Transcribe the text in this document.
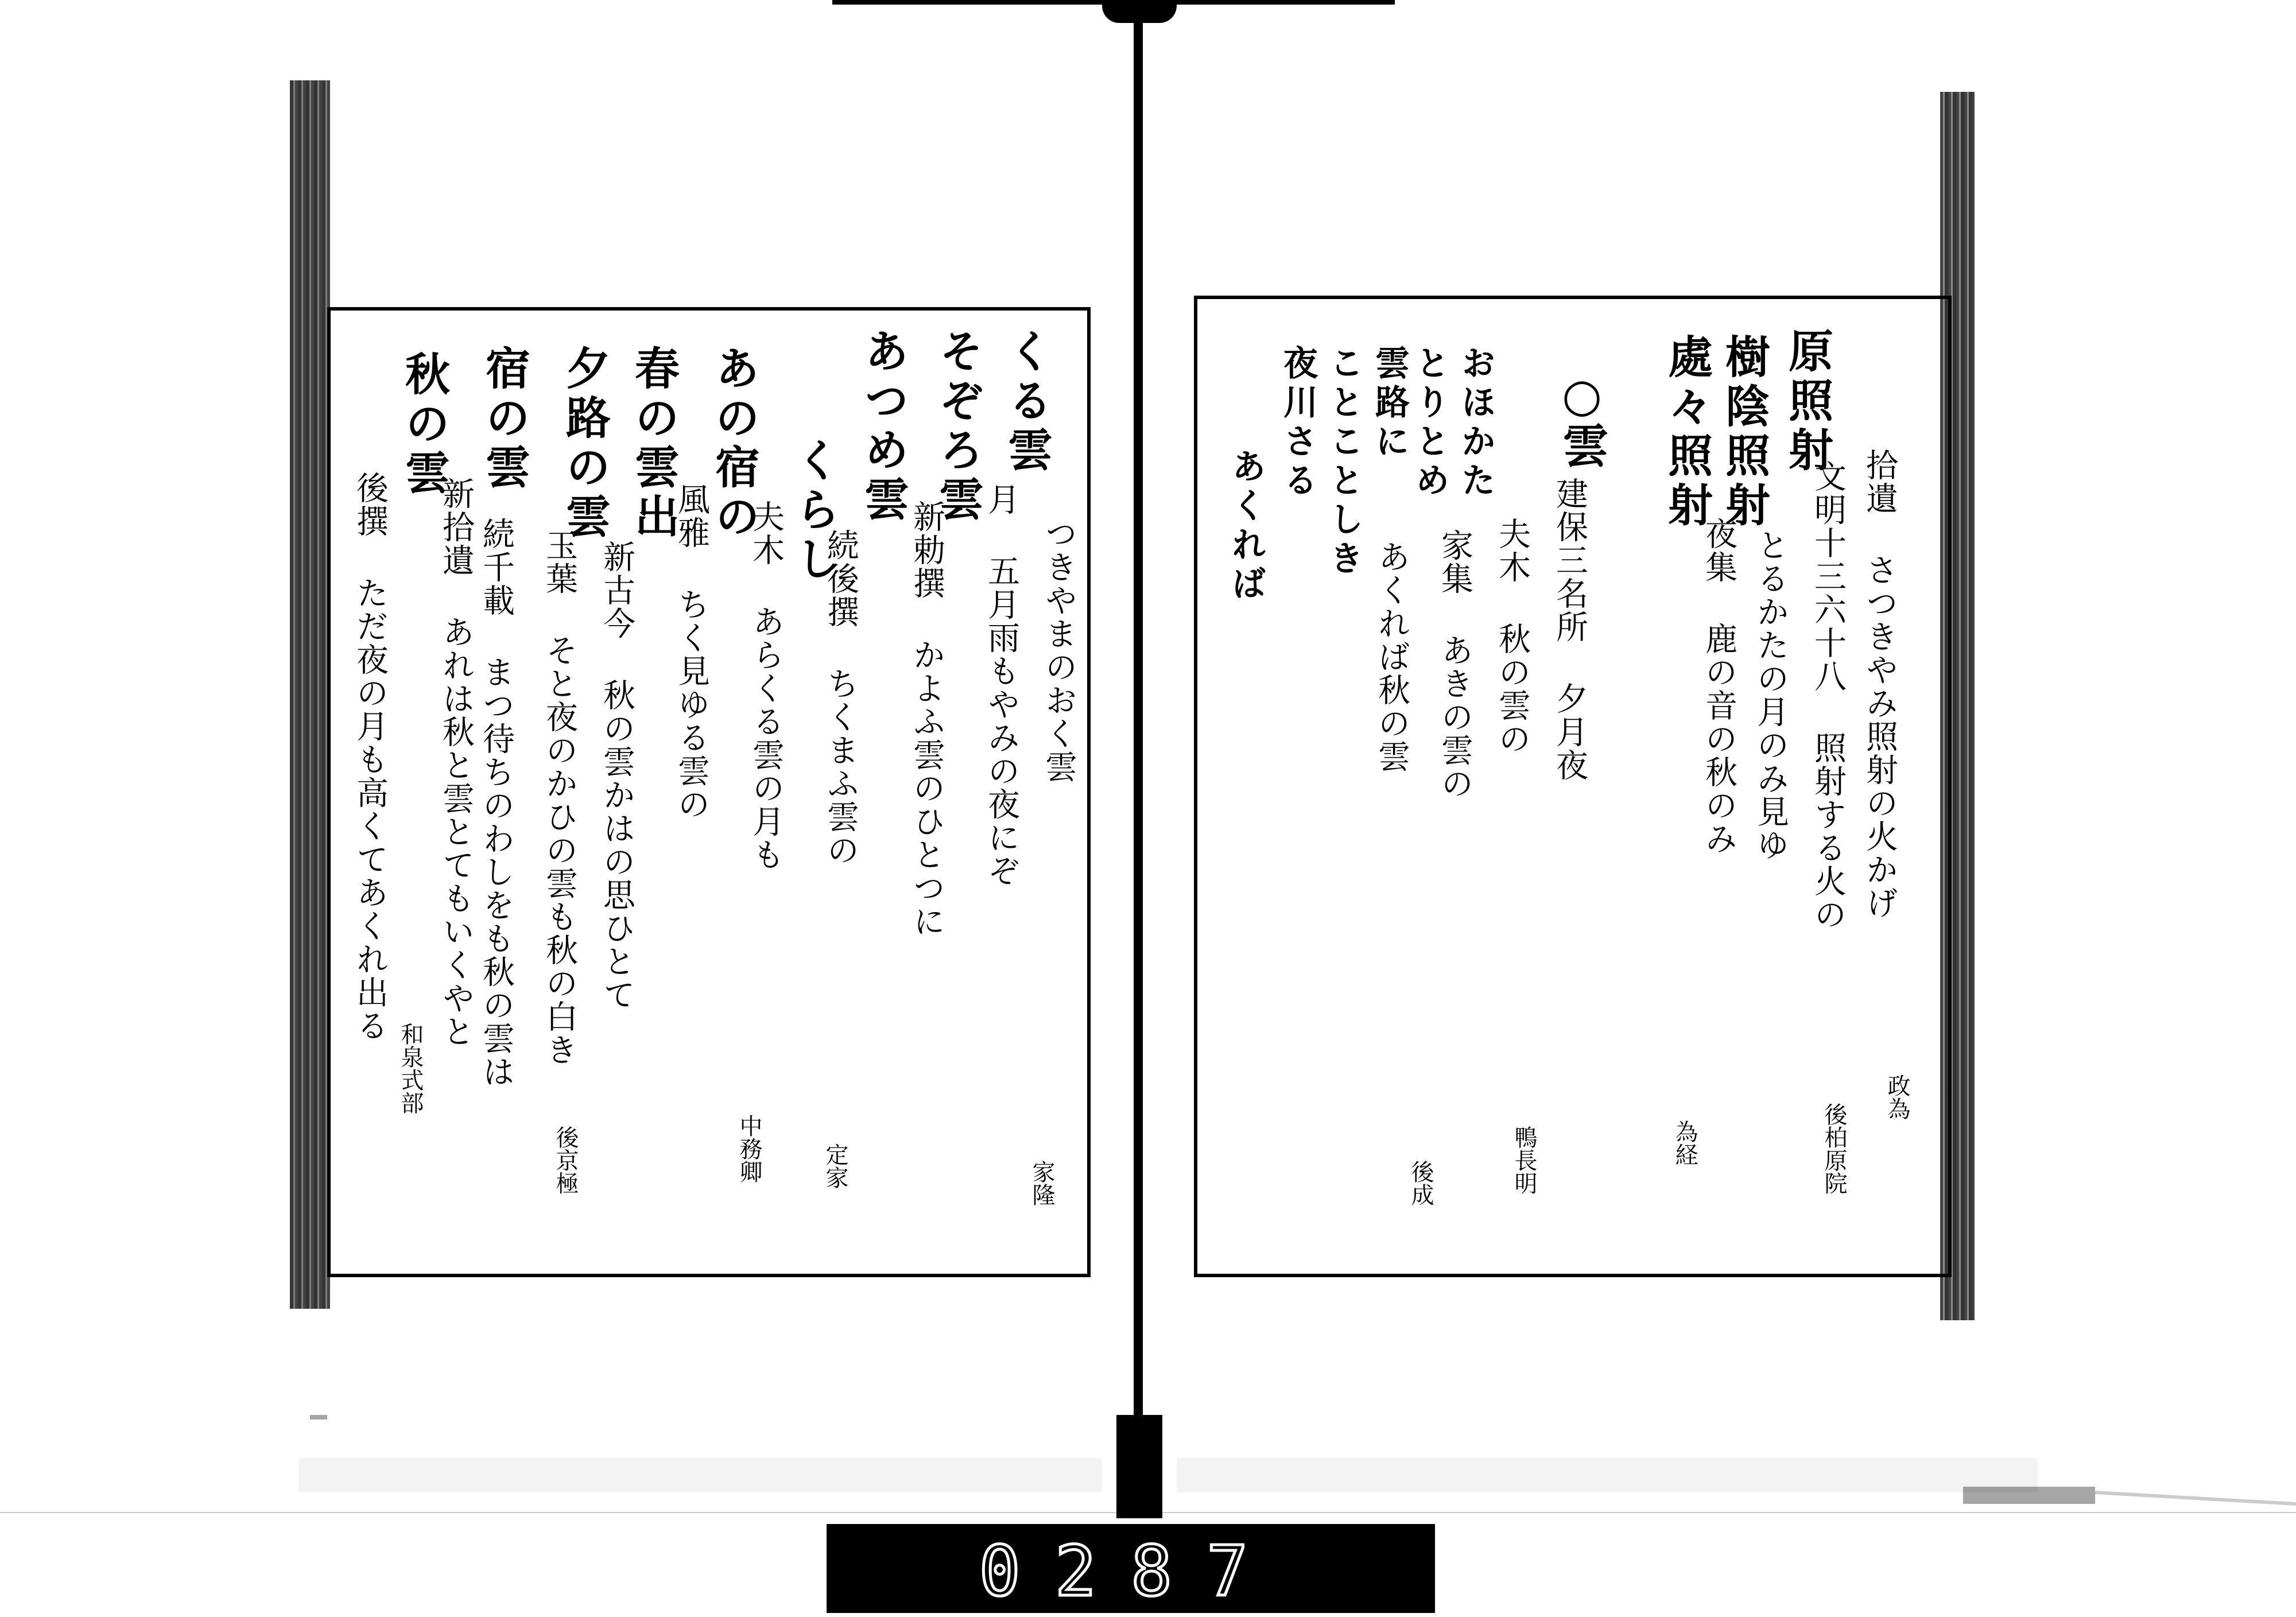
秋の雲 宿の雲 夕路の雲 春の雲出 あの宿の くらし あつめ雲 そぞろ雲 くる雲
後撰 ただ夜の月も高くてあくれ出る 新拾遺 あれは秋と雲とてもいくやと 続千載 まつ待ちのわしをも秋の雲は 玉葉 そと夜のかひの雲も秋の白き 新古今 秋の雲かはの思ひとて 風雅 ちく見ゆる雲の 夫木 あらくる雲の月も 続後撰 ちくまふ雲の 新勅撰 かよふ雲のひとつに 月 五月雨もやみの夜にぞ つきやまのおく雲
和泉式部
後京極	中務卿	定家	家隆
原照射
樹陰照射
處々照射
○雲
拾遺 さつきやみ照射の火かげ
文明十三六十八 照射する火の
とるかたの月のみ見ゆ
夜集 鹿の音の秋のみ
建保三名所 夕月夜
夫木 秋の雲の
家集 あきの雲の
あくれば秋の雲
夜川さる ことことしき 雲路に とりとめ おほかた
あくれば
政為
後柏原院
為経
後成	鴨長明
0287
